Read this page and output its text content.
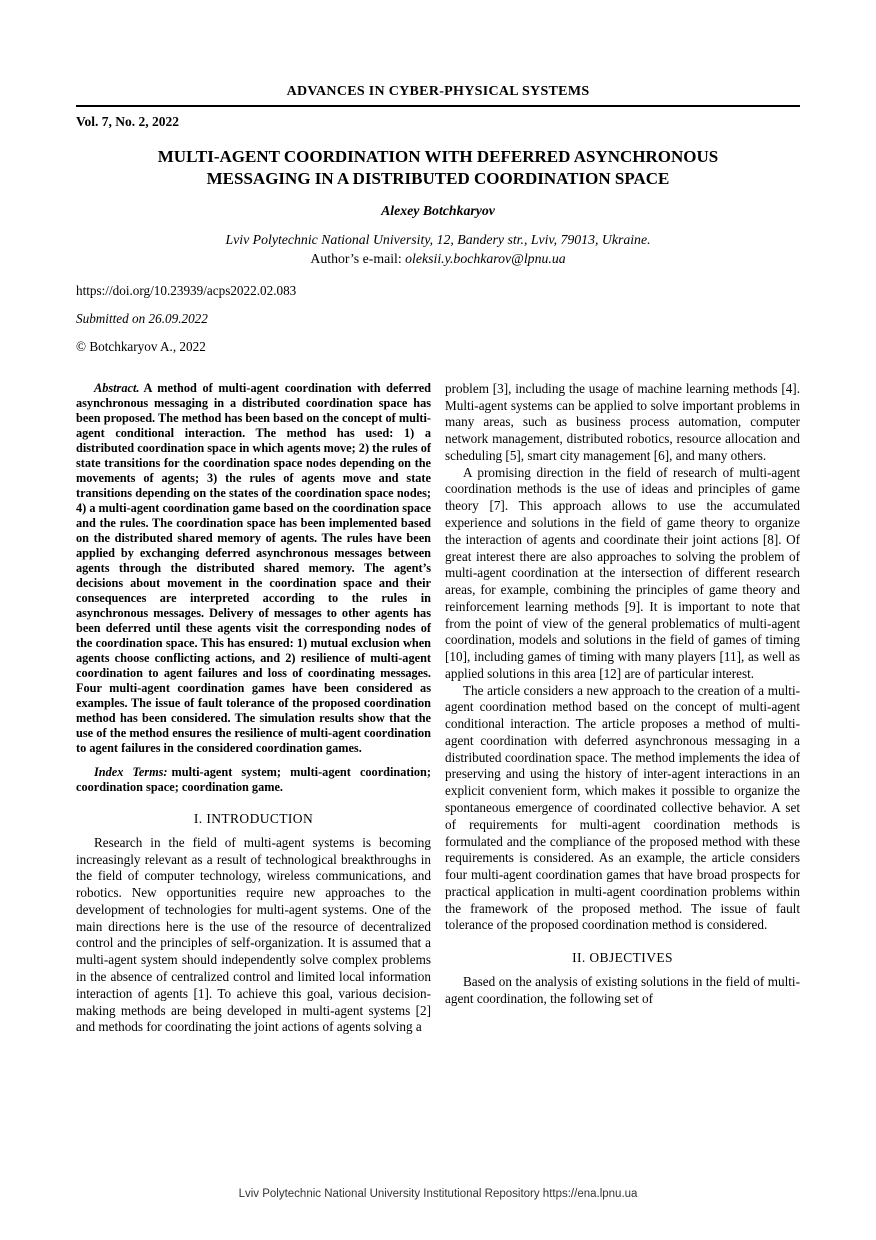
ADVANCES IN CYBER-PHYSICAL SYSTEMS
Vol. 7, No. 2, 2022
MULTI-AGENT COORDINATION WITH DEFERRED ASYNCHRONOUS MESSAGING IN A DISTRIBUTED COORDINATION SPACE
Alexey Botchkaryov
Lviv Polytechnic National University, 12, Bandery str., Lviv, 79013, Ukraine.
Author’s e-mail: oleksii.y.bochkarov@lpnu.ua
https://doi.org/10.23939/acps2022.02.083
Submitted on 26.09.2022
© Botchkaryov A., 2022

Abstract. A method of multi-agent coordination with deferred asynchronous messaging in a distributed coordination space has been proposed. The method has been based on the concept of multi-agent conditional interaction. The method has used: 1) a distributed coordination space in which agents move; 2) the rules of state transitions for the coordination space nodes depending on the movements of agents; 3) the rules of agents move and state transitions depending on the states of the coordination space nodes; 4) a multi-agent coordination game based on the coordination space and the rules. The coordination space has been implemented based on the distributed shared memory of agents. The rules have been applied by exchanging deferred asynchronous messages between agents through the distributed shared memory. The agent’s decisions about movement in the coordination space and their consequences are interpreted according to the rules in asynchronous messages. Delivery of messages to other agents has been deferred until these agents visit the corresponding nodes of the coordination space. This has ensured: 1) mutual exclusion when agents choose conflicting actions, and 2) resilience of multi-agent coordination to agent failures and loss of coordinating messages. Four multi-agent coordination games have been considered as examples. The issue of fault tolerance of the proposed coordination method has been considered. The simulation results show that the use of the method ensures the resilience of multi-agent coordination to agent failures in the considered coordination games.

Index Terms: multi-agent system; multi-agent coordination; coordination space; coordination game.

I. INTRODUCTION

Research in the field of multi-agent systems is becoming increasingly relevant as a result of technological breakthroughs in the field of computer technology, wireless communications, and robotics. New opportunities require new approaches to the development of technologies for multi-agent systems. One of the main directions here is the use of the resource of decentralized control and the principles of self-organization. It is assumed that a multi-agent system should independently solve complex problems in the absence of centralized control and limited local information interaction of agents [1]. To achieve this goal, various decision-making methods are being developed in multi-agent systems [2] and methods for coordinating the joint actions of agents solving a

problem [3], including the usage of machine learning methods [4]. Multi-agent systems can be applied to solve important problems in many areas, such as business process automation, computer network management, distributed robotics, resource allocation and scheduling [5], smart city management [6], and many others.

A promising direction in the field of research of multi-agent coordination methods is the use of ideas and principles of game theory [7]. This approach allows to use the accumulated experience and solutions in the field of game theory to organize the interaction of agents and coordinate their joint actions [8]. Of great interest there are also approaches to solving the problem of multi-agent coordination at the intersection of different research areas, for example, combining the principles of game theory and reinforcement learning methods [9]. It is important to note that from the point of view of the general problematics of multi-agent coordination, models and solutions in the field of games of timing [10], including games of timing with many players [11], as well as applied solutions in this area [12] are of particular interest.

The article considers a new approach to the creation of a multi-agent coordination method based on the concept of multi-agent conditional interaction. The article proposes a method of multi-agent coordination with deferred asynchronous messaging in a distributed coordination space. The method implements the idea of preserving and using the history of inter-agent interactions in an explicit convenient form, which makes it possible to organize the spontaneous emergence of coordinated collective behavior. A set of requirements for multi-agent coordination methods is formulated and the compliance of the proposed method with these requirements is considered. As an example, the article considers four multi-agent coordination games that have broad prospects for practical application in multi-agent coordination problems within the framework of the proposed method. The issue of fault tolerance of the proposed coordination method is considered.

II. OBJECTIVES

Based on the analysis of existing solutions in the field of multi-agent coordination, the following set of

Lviv Polytechnic National University Institutional Repository https://ena.lpnu.ua
